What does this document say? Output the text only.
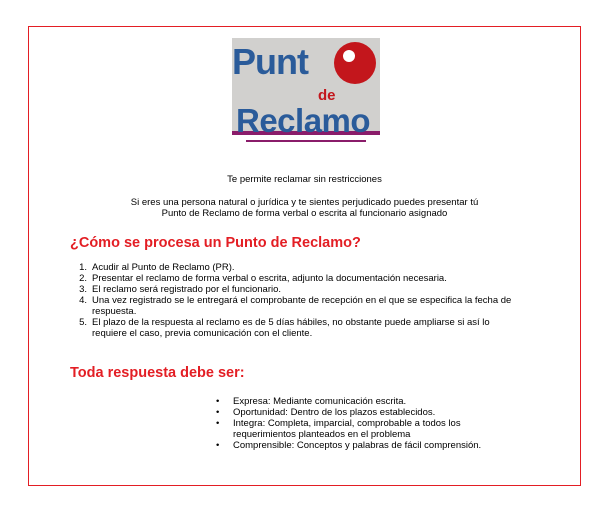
Punt

de

Reclamo

Te permite reclamar sin restricciones

Si eres una persona natural o jurídica y te sientes perjudicado puedes presentar tú

Punto de Reclamo de forma verbal o escrita al funcionario asignado

¿Cómo se procesa un Punto de Reclamo?
1. Acudir al Punto de Reclamo (PR).
2. Presentar el reclamo de forma verbal o escrita, adjunto la documentación necesaria.
3. El reclamo será registrado por el funcionario.
4. Una vez registrado se le entregará el comprobante de recepción en el que se especifica la fecha de respuesta.
5. El plazo de la respuesta al reclamo es de 5 días hábiles, no obstante puede ampliarse si así lo requiere el caso, previa comunicación con el cliente.
Toda respuesta debe ser:
• Expresa: Mediante comunicación escrita.
• Oportunidad: Dentro de los plazos establecidos.
• Integra: Completa, imparcial, comprobable a todos los requerimientos planteados en el problema
• Comprensible: Conceptos y palabras de fácil comprensión.
